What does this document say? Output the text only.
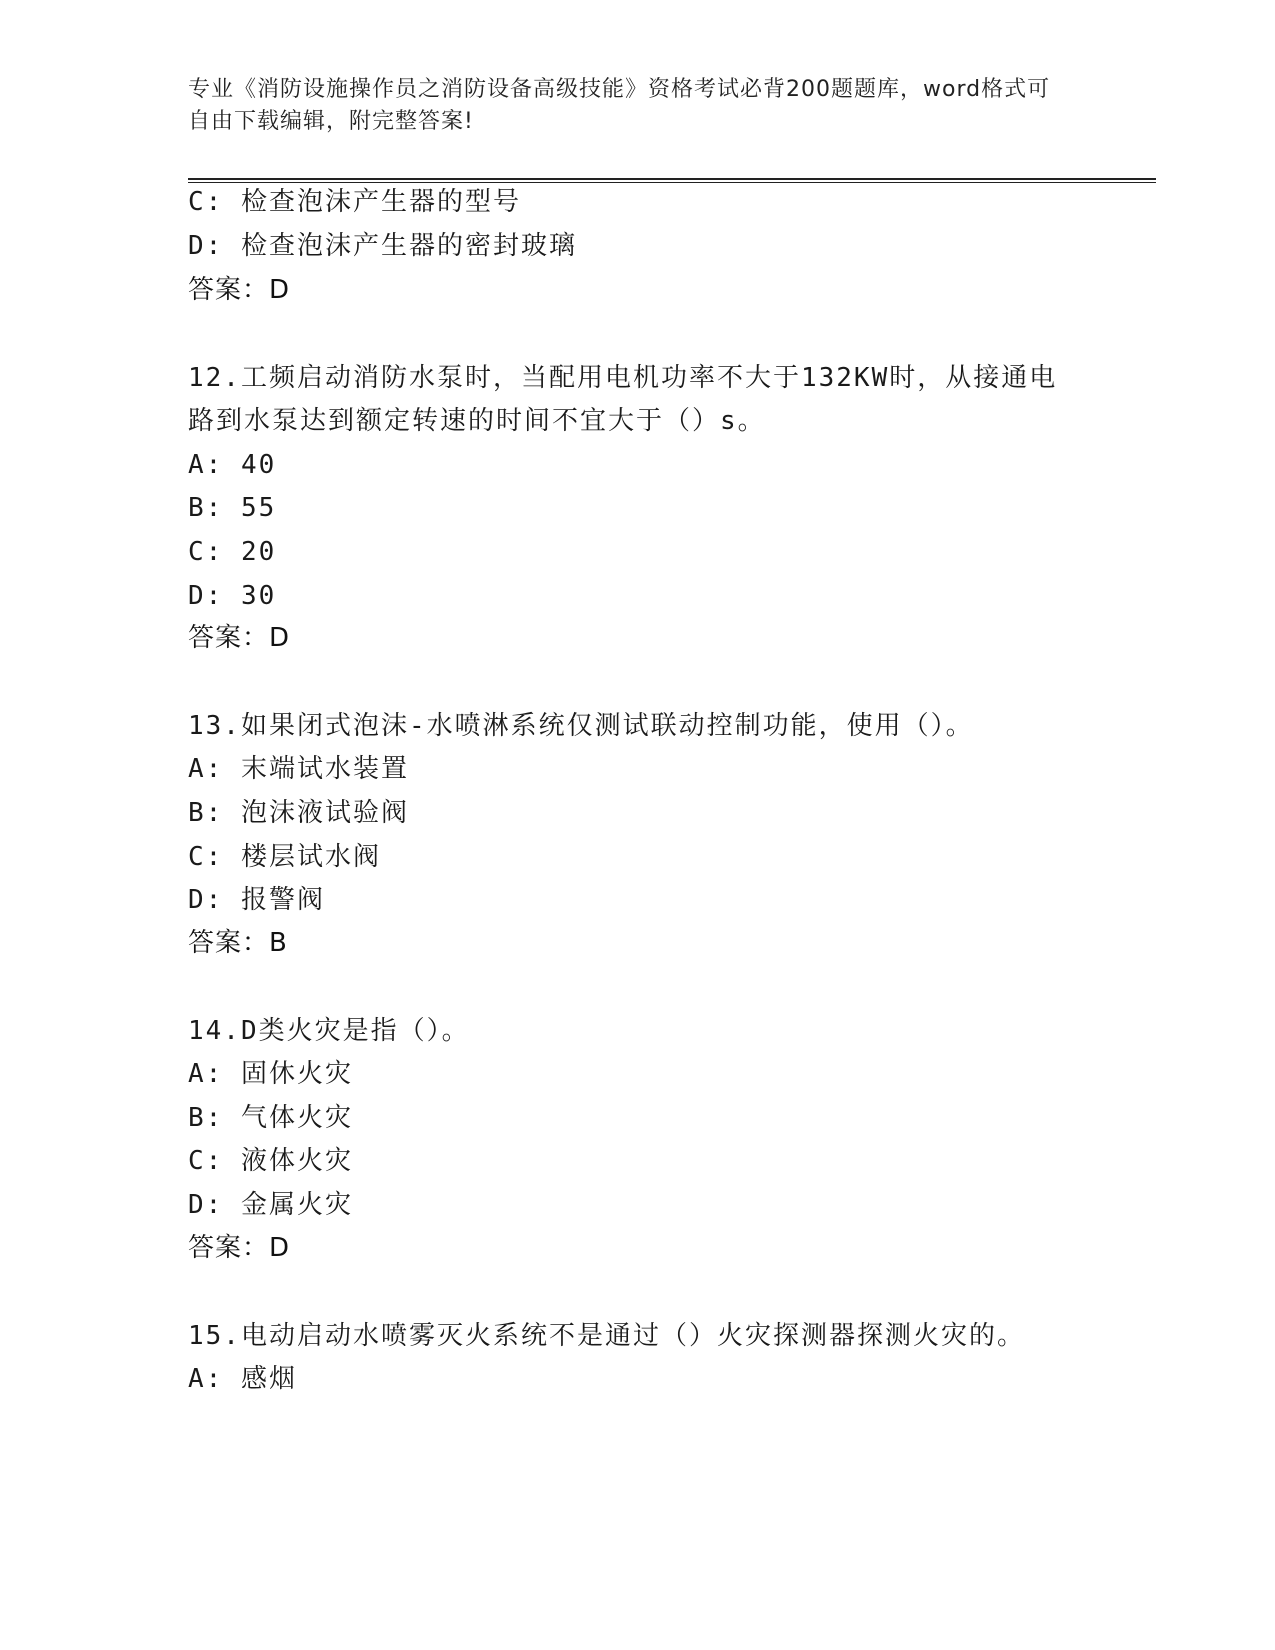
专业《消防设施操作员之消防设备高级技能》资格考试必背200题题库，word格式可自由下载编辑，附完整答案!
C: 检查泡沫产生器的型号
D: 检查泡沫产生器的密封玻璃
答案：D
12.工频启动消防水泵时，当配用电机功率不大于132KW时，从接通电
路到水泵达到额定转速的时间不宜大于（）s。
A: 40
B: 55
C: 20
D: 30
答案：D
13.如果闭式泡沫-水喷淋系统仅测试联动控制功能，使用（）。
A: 末端试水装置
B: 泡沫液试验阀
C: 楼层试水阀
D: 报警阀
答案：B
14.D类火灾是指（）。
A: 固休火灾
B: 气体火灾
C: 液体火灾
D: 金属火灾
答案：D
15.电动启动水喷雾灭火系统不是通过（）火灾探测器探测火灾的。
A: 感烟
